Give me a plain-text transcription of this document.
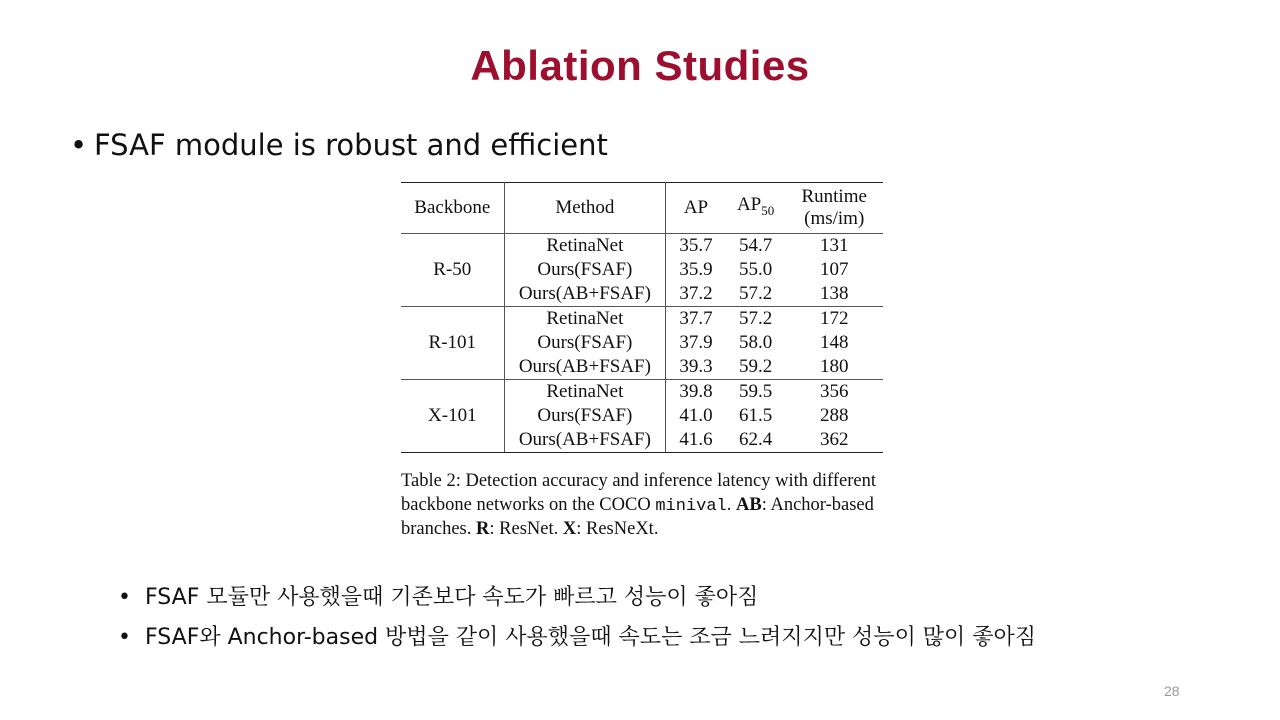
Ablation Studies
• FSAF module is robust and efficient
Backbone	Method	AP	$AP_{50}$	Runtime
(ms/im)

R-50	RetinaNet	35.7	54.7	131
	Ours(FSAF)	35.9	55.0	107
	Ours(AB+FSAF)	37.2	57.2	138
R-101	RetinaNet	37.7	57.2	172
	Ours(FSAF)	37.9	58.0	148
	Ours(AB+FSAF)	39.3	59.2	180
X-101	RetinaNet	39.8	59.5	356
	Ours(FSAF)	41.0	61.5	288
	Ours(AB+FSAF)	41.6	62.4	362
Table 2: Detection accuracy and inference latency with different backbone networks on the COCO minival. AB: Anchor-based branches. R: ResNet. X: ResNeXt.
• FSAF 모듈만 사용했을때 기존보다 속도가 빠르고 성능이 좋아짐
• FSAF와 Anchor-based 방법을 같이 사용했을때 속도는 조금 느려지지만 성능이 많이 좋아짐
28
